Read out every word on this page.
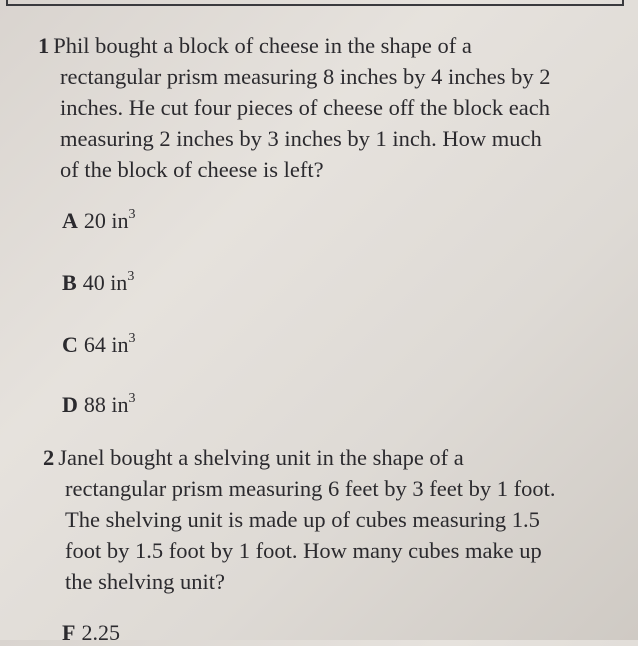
1 Phil bought a block of cheese in the shape of a
rectangular prism measuring 8 inches by 4 inches by 2
inches. He cut four pieces of cheese off the block each
measuring 2 inches by 3 inches by 1 inch. How much
of the block of cheese is left?
A 20 $in^3$
B 40 $in^3$
C 64 $in^3$
D 88 $in^3$
2 Janel bought a shelving unit in the shape of a
rectangular prism measuring 6 feet by 3 feet by 1 foot.
The shelving unit is made up of cubes measuring 1.5
foot by 1.5 foot by 1 foot. How many cubes make up
the shelving unit?
F 2.25
